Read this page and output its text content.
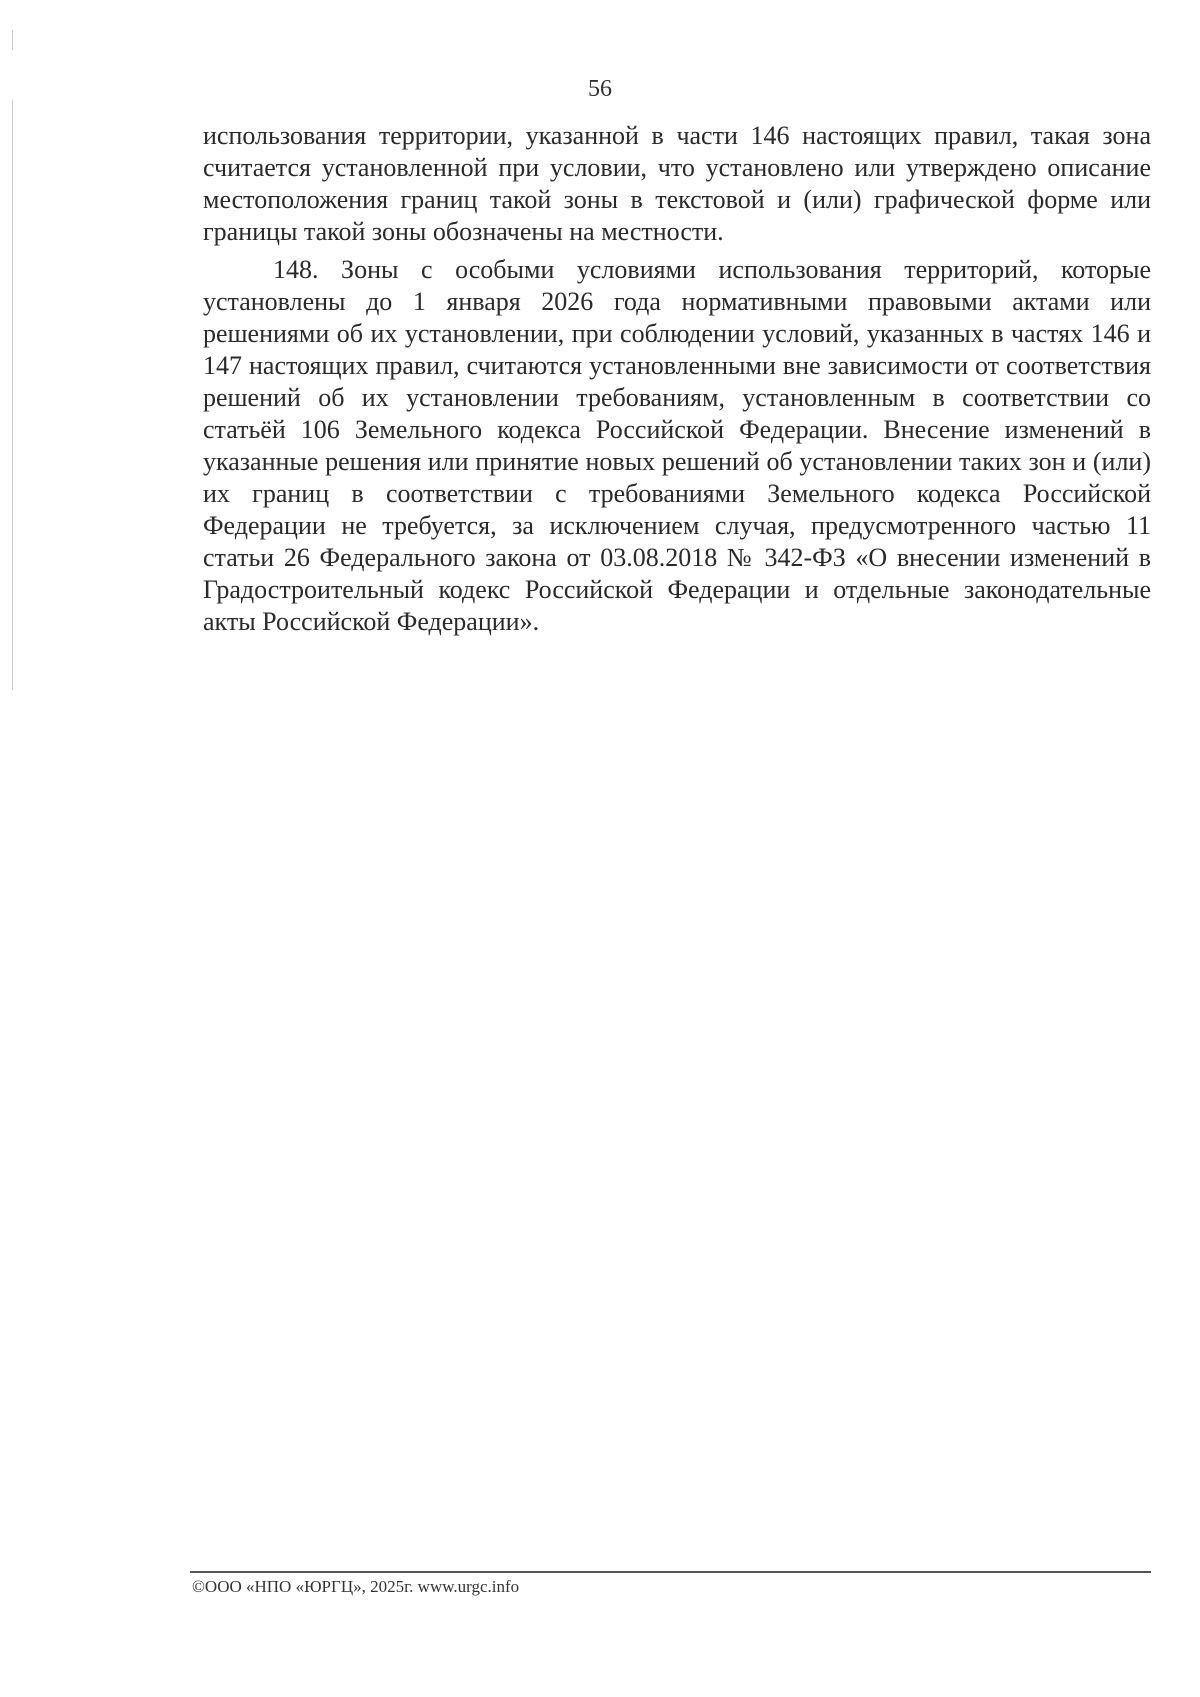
56

использования территории, указанной в части 146 настоящих правил, такая зона считается установленной при условии, что установлено или утверждено описание местоположения границ такой зоны в текстовой и (или) графической форме или границы такой зоны обозначены на местности.

148. Зоны с особыми условиями использования территорий, которые установлены до 1 января 2026 года нормативными правовыми актами или решениями об их установлении, при соблюдении условий, указанных в частях 146 и 147 настоящих правил, считаются установленными вне зависимости от соответствия решений об их установлении требованиям, установленным в соответствии со статьёй 106 Земельного кодекса Российской Федерации. Внесение изменений в указанные решения или принятие новых решений об установлении таких зон и (или) их границ в соответствии с требованиями Земельного кодекса Российской Федерации не требуется, за исключением случая, предусмотренного частью 11 статьи 26 Федерального закона от 03.08.2018 № 342-ФЗ «О внесении изменений в Градостроительный кодекс Российской Федерации и отдельные законодательные акты Российской Федерации».

©ООО «НПО «ЮРГЦ», 2025г. www.urgc.info
